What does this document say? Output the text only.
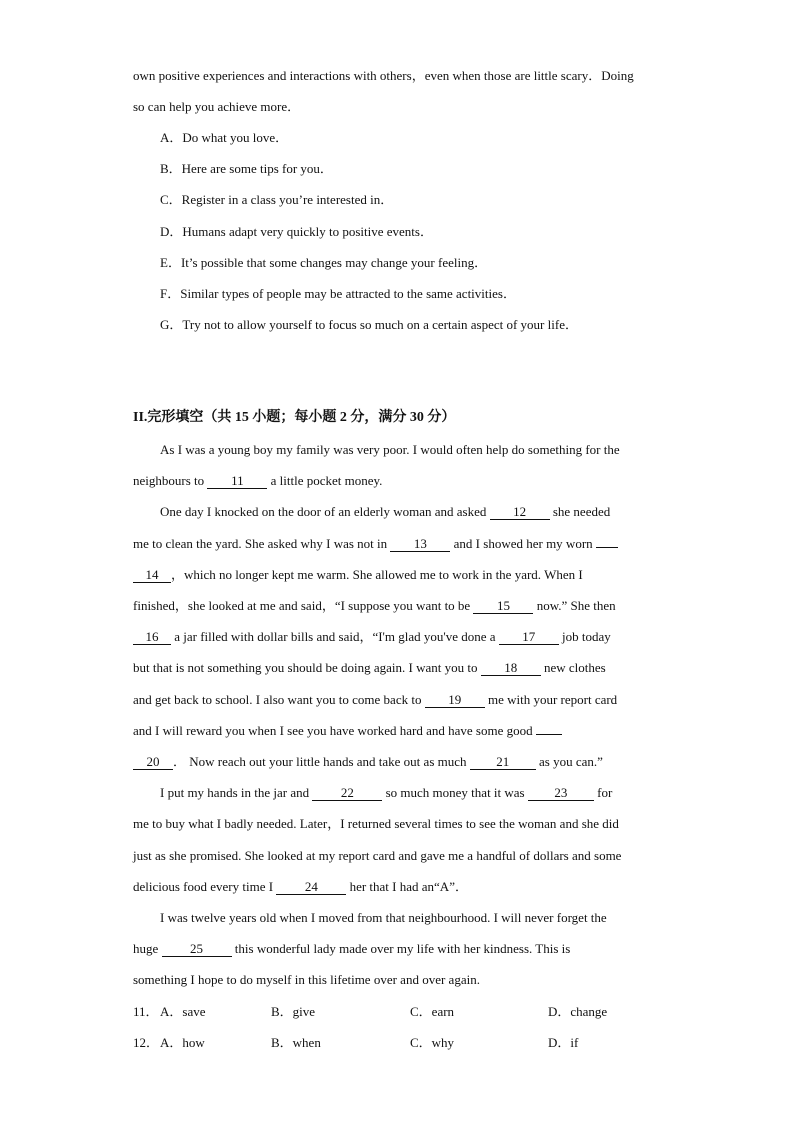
own positive experiences and interactions with others，even when those are little scary．Doing
so can help you achieve more．
A．Do what you love．
B．Here are some tips for you．
C．Register in a class you’re interested in．
D．Humans adapt very quickly to positive events．
E．It’s possible that some changes may change your feeling．
F．Similar types of people may be attracted to the same activities．
G．Try not to allow yourself to focus so much on a certain aspect of your life．
II.完形填空（共 15 小题；每小题 2 分，满分 30 分）
As I was a young boy my family was very poor. I would often help do something for the
neighbours to 11 a little pocket money.
One day I knocked on the door of an elderly woman and asked 12 she needed
me to clean the yard. She asked why I was not in 13 and I showed her my worn
14 ，which no longer kept me warm. She allowed me to work in the yard. When I
finished，she looked at me and said，“I suppose you want to be 15 now.” She then
16 a jar filled with dollar bills and said，“I'm glad you've done a 17 job today
but that is not something you should be doing again. I want you to 18 new clothes
and get back to school. I also want you to come back to 19 me with your report card
and I will reward you when I see you have worked hard and have some good
20 ． Now reach out your little hands and take out as much 21 as you can.”
I put my hands in the jar and 22 so much money that it was 23 for
me to buy what I badly needed. Later，I returned several times to see the woman and she did
just as she promised. She looked at my report card and gave me a handful of dollars and some
delicious food every time I 24 her that I had an“A”．
I was twelve years old when I moved from that neighbourhood. I will never forget the
huge 25 this wonderful lady made over my life with her kindness. This is
something I hope to do myself in this lifetime over and over again.
11． A．save	B．give	C．earn	D．change
12． A．how	B．when	C．why	D．if
